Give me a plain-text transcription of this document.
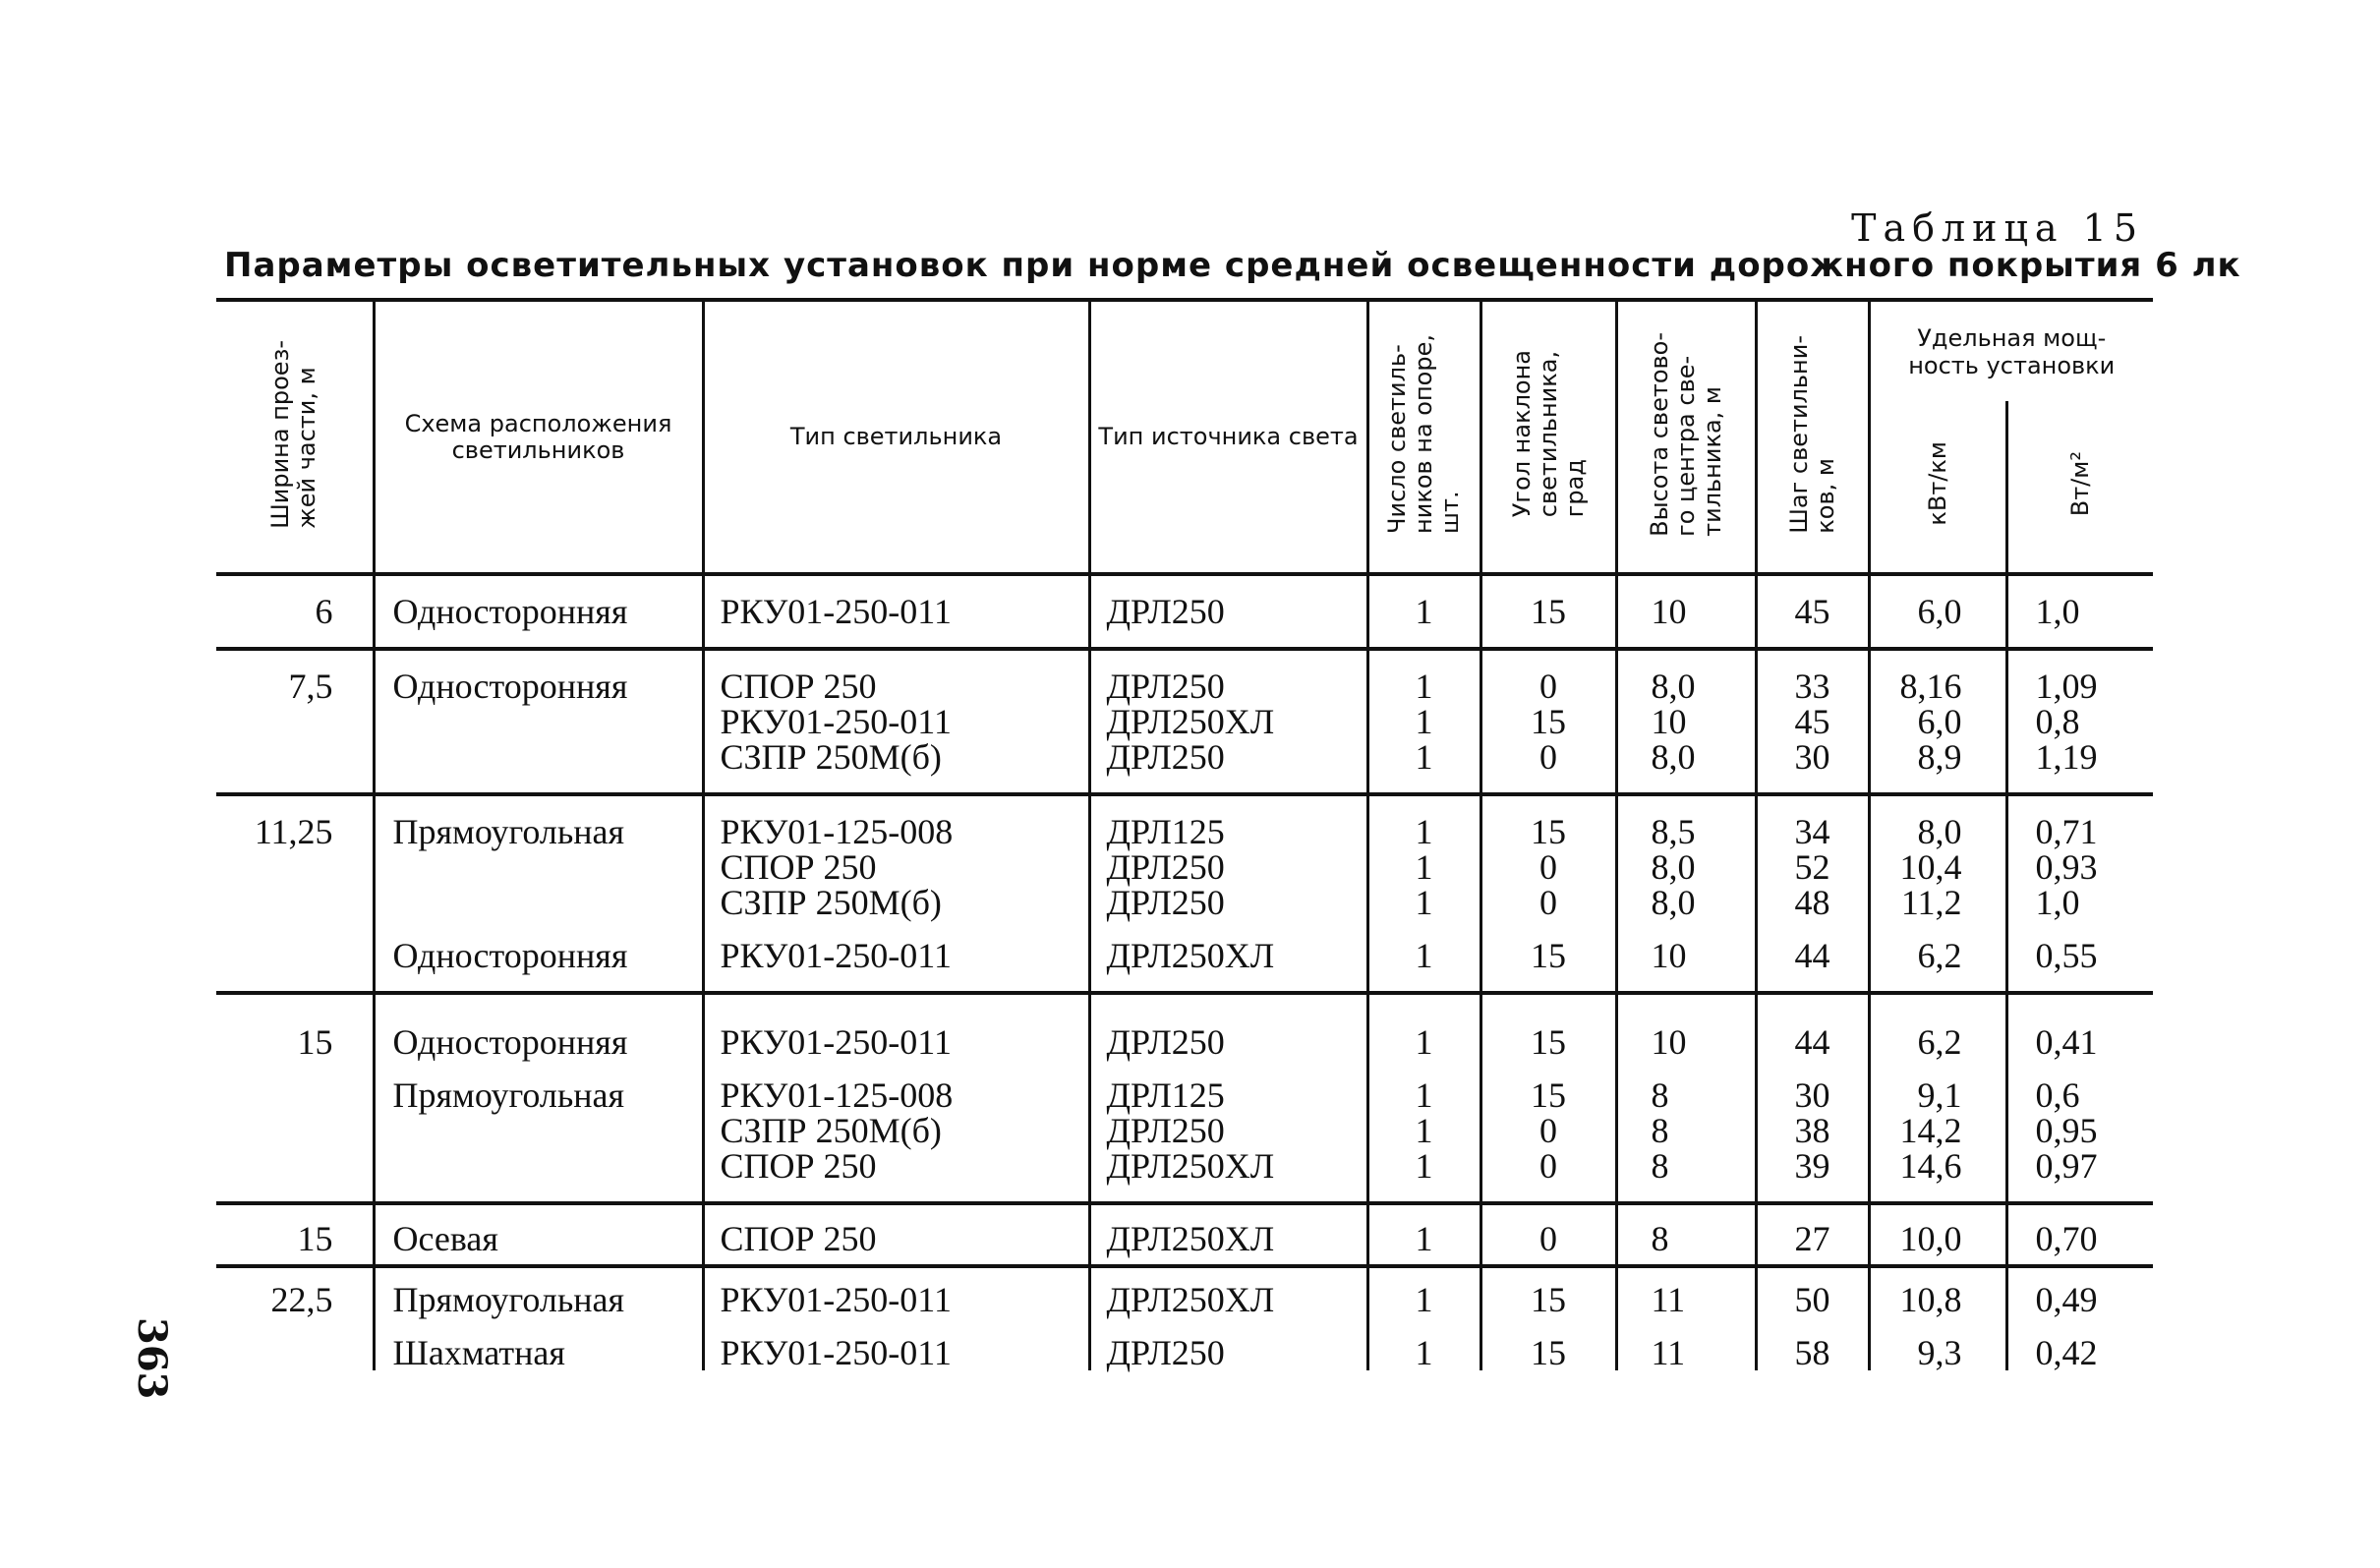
Таблица 15
Параметры осветительных установок при норме средней освещенности дорожного покрытия 6 лк
Ширина проез-
жей части, м	Схема расположения светильников	Тип светильника	Тип источника света	Число светиль-
ников на опоре,
шт.	Угол наклона
светильника,
град	Высота светово-
го центра све-
тильника, м	Шаг светильни-
ков, м	Удельная мощ-
ность установки	
								кВт/км	Вт/м²
6	Односторонняя	РКУ01-250-011	ДРЛ250	1	15	10	45	6,0	1,0
7,5	Односторонняя	СПОР 250	ДРЛ250	1	0	8,0	33	8,16	1,09
		РКУ01-250-011	ДРЛ250ХЛ	1	15	10	45	6,0	0,8
		СЗПР 250М(б)	ДРЛ250	1	0	8,0	30	8,9	1,19
11,25	Прямоугольная	РКУ01-125-008	ДРЛ125	1	15	8,5	34	8,0	0,71
		СПОР 250	ДРЛ250	1	0	8,0	52	10,4	0,93
		СЗПР 250М(б)	ДРЛ250	1	0	8,0	48	11,2	1,0
	Односторонняя	РКУ01-250-011	ДРЛ250ХЛ	1	15	10	44	6,2	0,55
15	Односторонняя	РКУ01-250-011	ДРЛ250	1	15	10	44	6,2	0,41
	Прямоугольная	РКУ01-125-008	ДРЛ125	1	15	8	30	9,1	0,6
		СЗПР 250М(б)	ДРЛ250	1	0	8	38	14,2	0,95
		СПОР 250	ДРЛ250ХЛ	1	0	8	39	14,6	0,97
15	Осевая	СПОР 250	ДРЛ250ХЛ	1	0	8	27	10,0	0,70
22,5	Прямоугольная	РКУ01-250-011	ДРЛ250ХЛ	1	15	11	50	10,8	0,49
	Шахматная	РКУ01-250-011	ДРЛ250	1	15	11	58	9,3	0,42
363
